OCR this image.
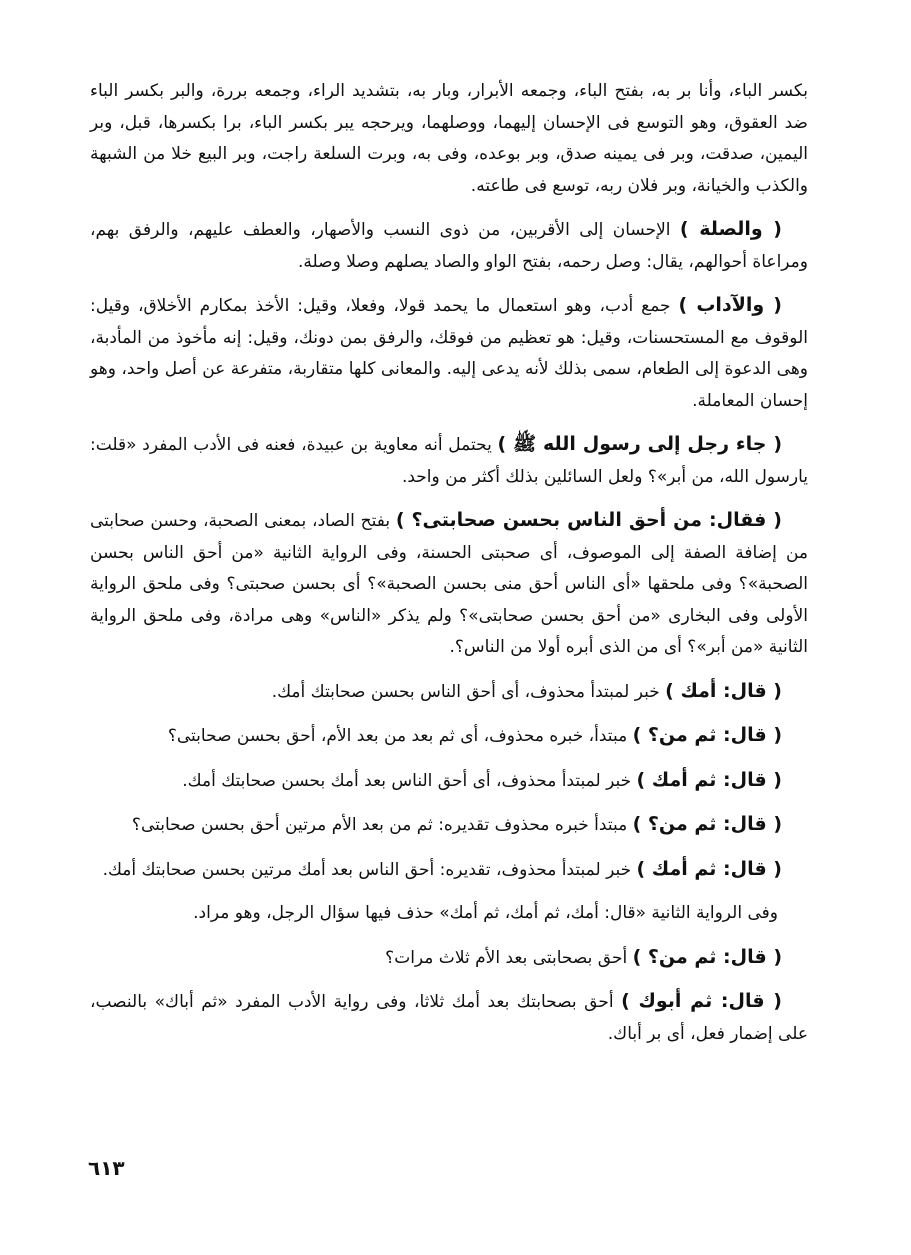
بكسر الباء، وأنا بر به، بفتح الباء، وجمعه الأبرار، وبار به، بتشديد الراء، وجمعه بررة، والبر بكسر الباء ضد العقوق، وهو التوسع فى الإحسان إليهما، ووصلهما، ويرحجه يبر بكسر الباء، برا بكسرها، قبل، وبر اليمين، صدقت، وبر فى يمينه صدق، وبر بوعده، وفى به، وبرت السلعة راجت، وبر البيع خلا من الشبهة والكذب والخيانة، وبر فلان ربه، توسع فى طاعته.

( والصلة ) الإحسان إلى الأقربين، من ذوى النسب والأصهار، والعطف عليهم، والرفق بهم، ومراعاة أحوالهم، يقال: وصل رحمه، بفتح الواو والصاد يصلهم وصلا وصلة.

( والآداب ) جمع أدب، وهو استعمال ما يحمد قولا، وفعلا، وقيل: الأخذ بمكارم الأخلاق، وقيل: الوقوف مع المستحسنات، وقيل: هو تعظيم من فوقك، والرفق بمن دونك، وقيل: إنه مأخوذ من المأدبة، وهى الدعوة إلى الطعام، سمى بذلك لأنه يدعى إليه. والمعانى كلها متقاربة، متفرعة عن أصل واحد، وهو إحسان المعاملة.

( جاء رجل إلى رسول الله ﷺ ) يحتمل أنه معاوية بن عبيدة، فعنه فى الأدب المفرد «قلت: يارسول الله، من أبر»؟ ولعل السائلين بذلك أكثر من واحد.

( فقال: من أحق الناس بحسن صحابتى؟ ) بفتح الصاد، بمعنى الصحبة، وحسن صحابتى من إضافة الصفة إلى الموصوف، أى صحبتى الحسنة، وفى الرواية الثانية «من أحق الناس بحسن الصحبة»؟ وفى ملحقها «أى الناس أحق منى بحسن الصحبة»؟ أى بحسن صحبتى؟ وفى ملحق الرواية الأولى وفى البخارى «من أحق بحسن صحابتى»؟ ولم يذكر «الناس» وهى مرادة، وفى ملحق الرواية الثانية «من أبر»؟ أى من الذى أبره أولا من الناس؟.

( قال: أمك ) خبر لمبتدأ محذوف، أى أحق الناس بحسن صحابتك أمك.

( قال: ثم من؟ ) مبتدأ، خبره محذوف، أى ثم بعد من بعد الأم، أحق بحسن صحابتى؟

( قال: ثم أمك ) خبر لمبتدأ محذوف، أى أحق الناس بعد أمك بحسن صحابتك أمك.

( قال: ثم من؟ ) مبتدأ خبره محذوف تقديره: ثم من بعد الأم مرتين أحق بحسن صحابتى؟

( قال: ثم أمك ) خبر لمبتدأ محذوف، تقديره: أحق الناس بعد أمك مرتين بحسن صحابتك أمك.

وفى الرواية الثانية «قال: أمك، ثم أمك، ثم أمك» حذف فيها سؤال الرجل، وهو مراد.

( قال: ثم من؟ ) أحق بصحابتى بعد الأم ثلاث مرات؟

( قال: ثم أبوك ) أحق بصحابتك بعد أمك ثلاثا، وفى رواية الأدب المفرد «ثم أباك» بالنصب، على إضمار فعل، أى بر أباك.

٦١٣
